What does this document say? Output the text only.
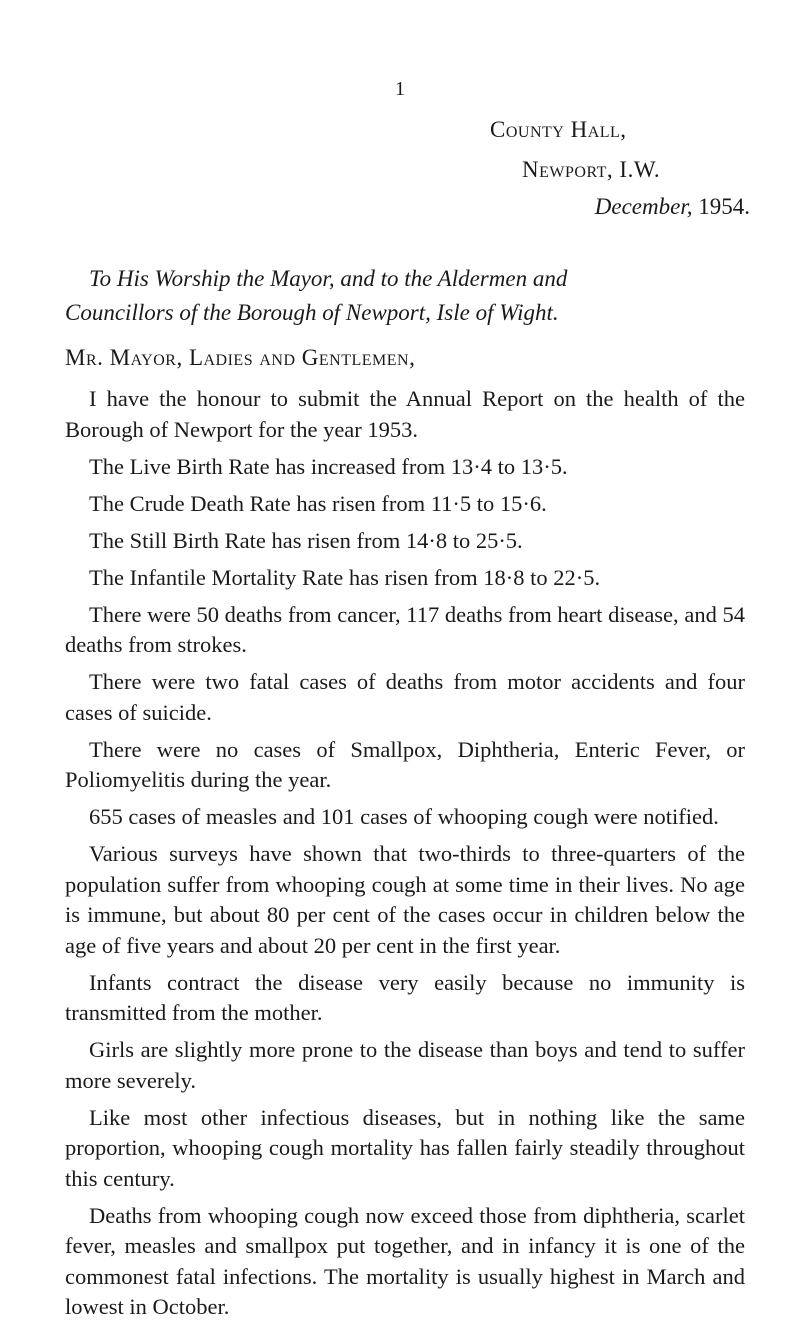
1
County Hall,
Newport, I.W.
December, 1954.
To His Worship the Mayor, and to the Aldermen and
Councillors of the Borough of Newport, Isle of Wight.
Mr. Mayor, Ladies and Gentlemen,

I have the honour to submit the Annual Report on the health of the Borough of Newport for the year 1953.

The Live Birth Rate has increased from 13·4 to 13·5.

The Crude Death Rate has risen from 11·5 to 15·6.

The Still Birth Rate has risen from 14·8 to 25·5.

The Infantile Mortality Rate has risen from 18·8 to 22·5.

There were 50 deaths from cancer, 117 deaths from heart disease, and 54 deaths from strokes.

There were two fatal cases of deaths from motor accidents and four cases of suicide.

There were no cases of Smallpox, Diphtheria, Enteric Fever, or Poliomyelitis during the year.

655 cases of measles and 101 cases of whooping cough were notified.

Various surveys have shown that two-thirds to three-quarters of the population suffer from whooping cough at some time in their lives. No age is immune, but about 80 per cent of the cases occur in children below the age of five years and about 20 per cent in the first year.

Infants contract the disease very easily because no immunity is transmitted from the mother.

Girls are slightly more prone to the disease than boys and tend to suffer more severely.

Like most other infectious diseases, but in nothing like the same proportion, whooping cough mortality has fallen fairly steadily throughout this century.

Deaths from whooping cough now exceed those from diphtheria, scarlet fever, measles and smallpox put together, and in infancy it is one of the commonest fatal infections. The mortality is usually highest in March and lowest in October.
